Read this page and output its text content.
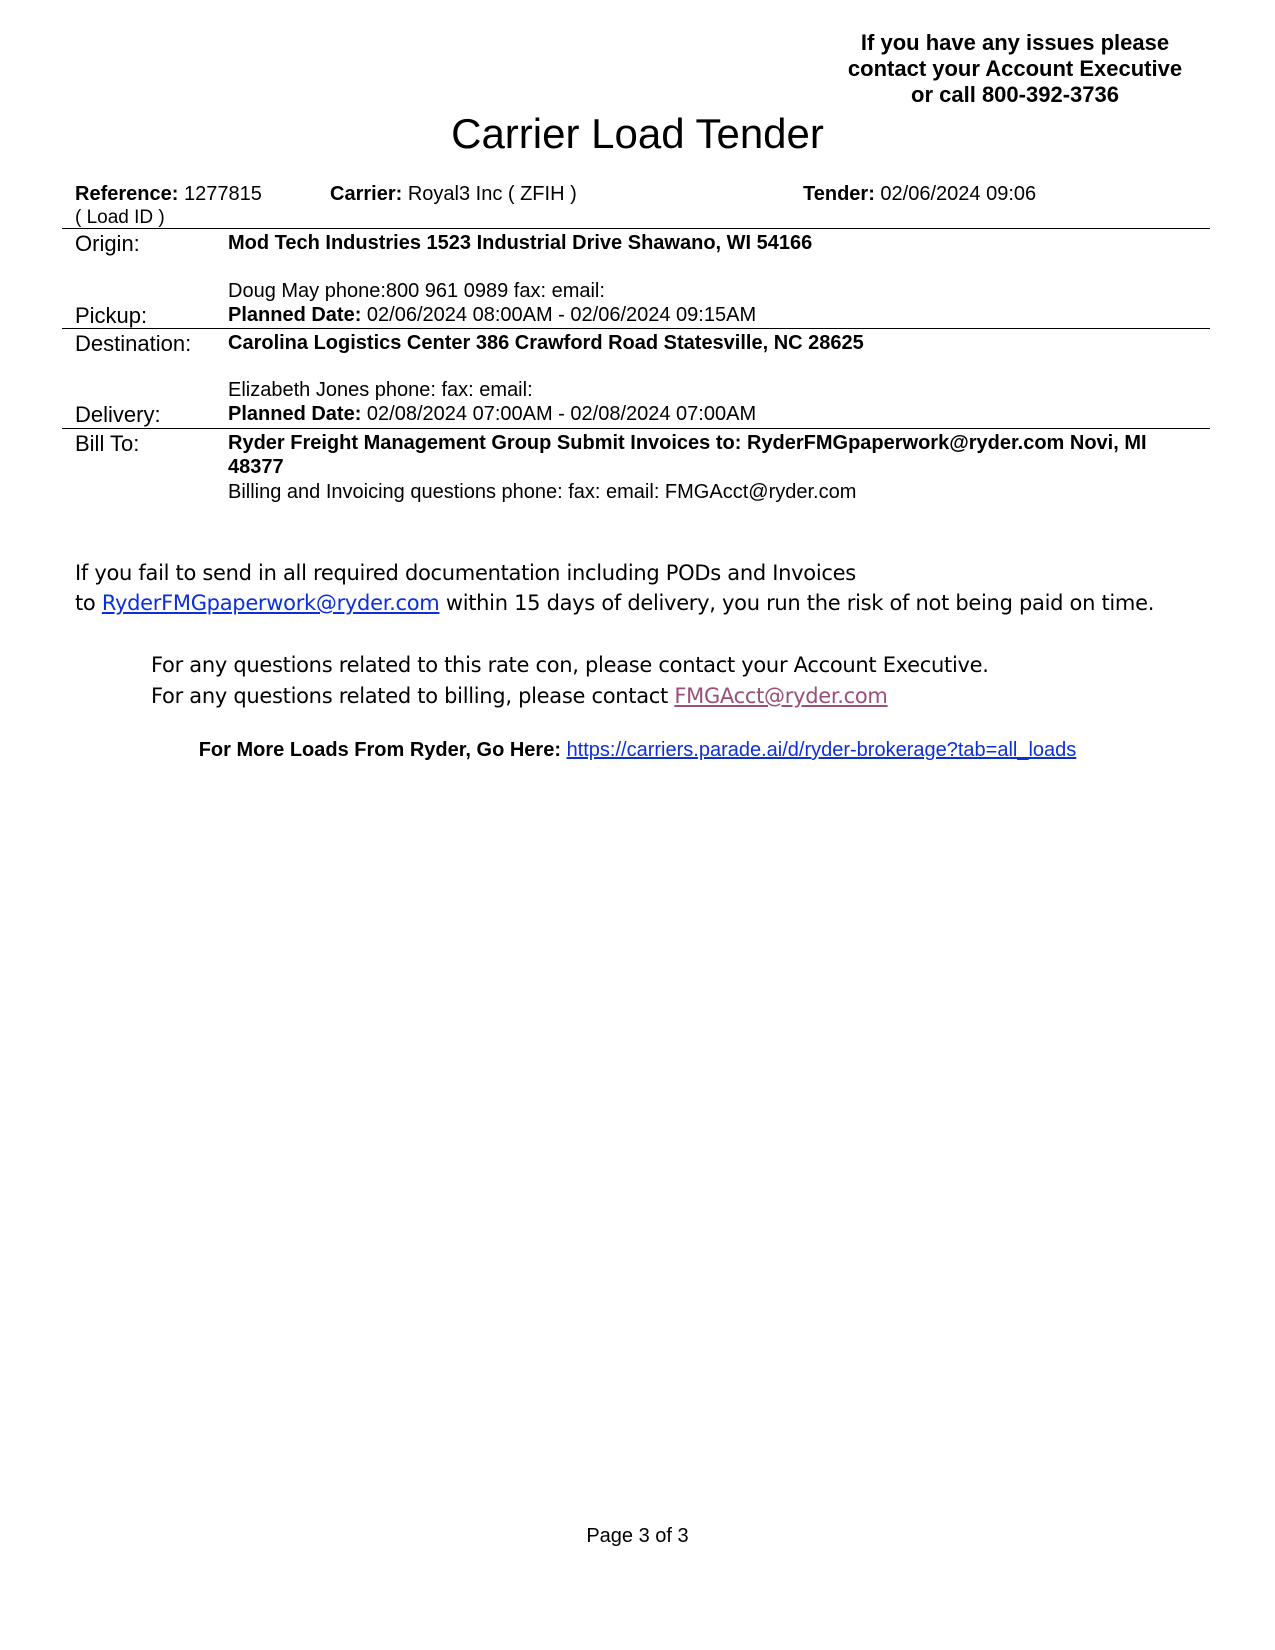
If you have any issues please
contact your Account Executive
or call 800-392-3736
Carrier Load Tender
Reference: 1277815
( Load ID )
Carrier: Royal3 Inc ( ZFIH )	Tender: 02/06/2024 09:06
Origin:	Mod Tech Industries 1523 Industrial Drive Shawano, WI 54166
Doug May phone:800 961 0989 fax: email:
Pickup:	Planned Date: 02/06/2024 08:00AM - 02/06/2024 09:15AM
Destination: Carolina Logistics Center 386 Crawford Road Statesville, NC 28625
Elizabeth Jones phone: fax: email:
Delivery:	Planned Date: 02/08/2024 07:00AM - 02/08/2024 07:00AM
Bill To:	Ryder Freight Management Group Submit Invoices to: RyderFMGpaperwork@ryder.com Novi, MI
48377
Billing and Invoicing questions phone: fax: email: FMGAcct@ryder.com
If you fail to send in all required documentation including PODs and Invoices
to RyderFMGpaperwork@ryder.com within 15 days of delivery, you run the risk of not being paid on time.
For any questions related to this rate con, please contact your Account Executive.
For any questions related to billing, please contact FMGAcct@ryder.com
For More Loads From Ryder, Go Here: https://carriers.parade.ai/d/ryder-brokerage?tab=all_loads
Page 3 of 3
